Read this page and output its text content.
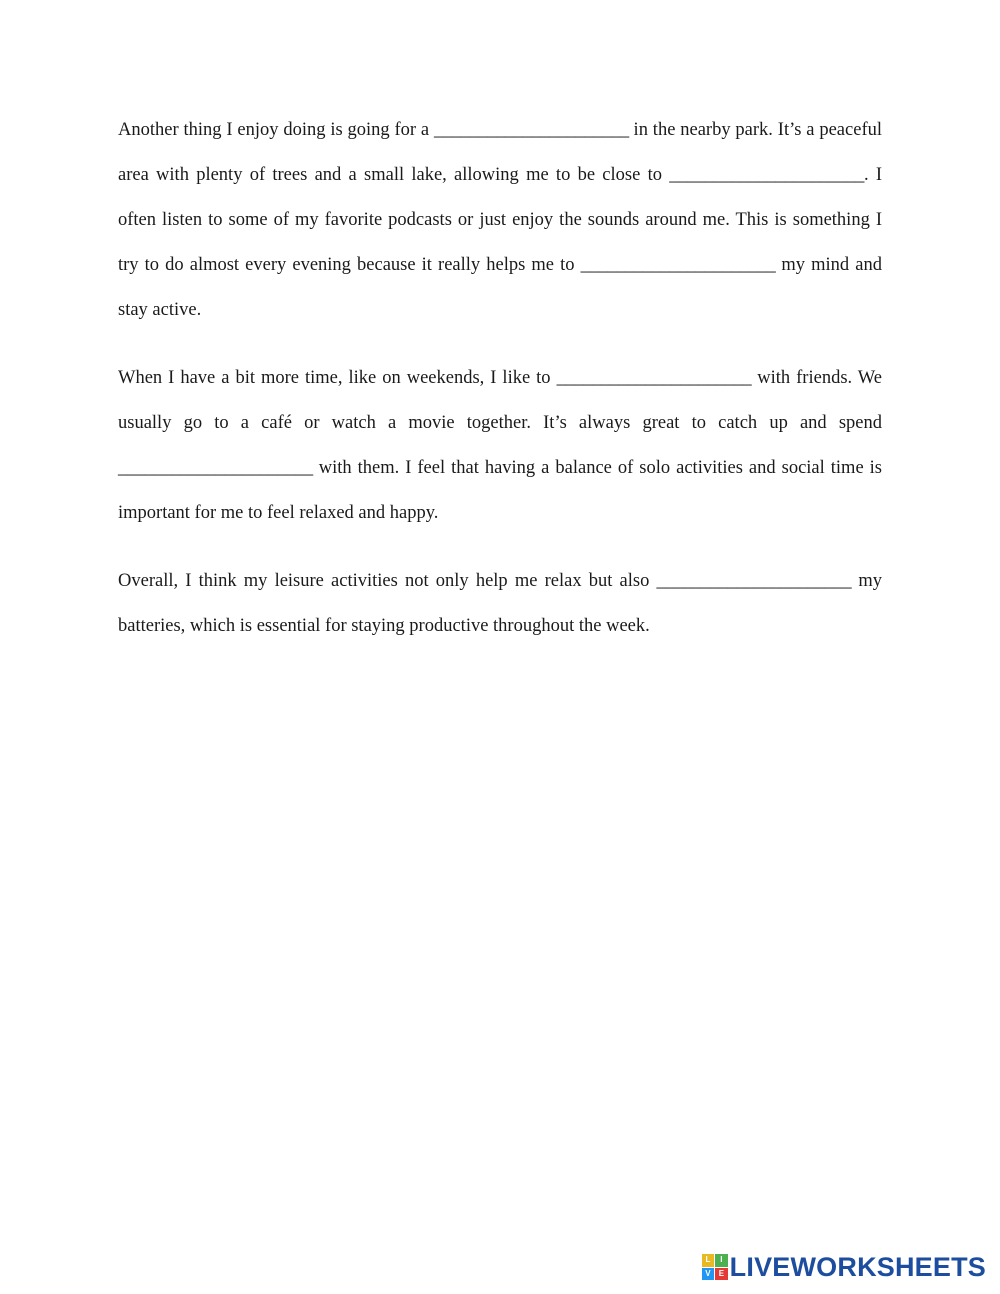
Another thing I enjoy doing is going for a ______________________ in the nearby park. It’s a peaceful area with plenty of trees and a small lake, allowing me to be close to ______________________. I often listen to some of my favorite podcasts or just enjoy the sounds around me. This is something I try to do almost every evening because it really helps me to ______________________ my mind and stay active.

When I have a bit more time, like on weekends, I like to ______________________ with friends. We usually go to a café or watch a movie together. It’s always great to catch up and spend ______________________ with them. I feel that having a balance of solo activities and social time is important for me to feel relaxed and happy.

Overall, I think my leisure activities not only help me relax but also ______________________ my batteries, which is essential for staying productive throughout the week.

L	I
V	E LIVEWORKSHEETS
